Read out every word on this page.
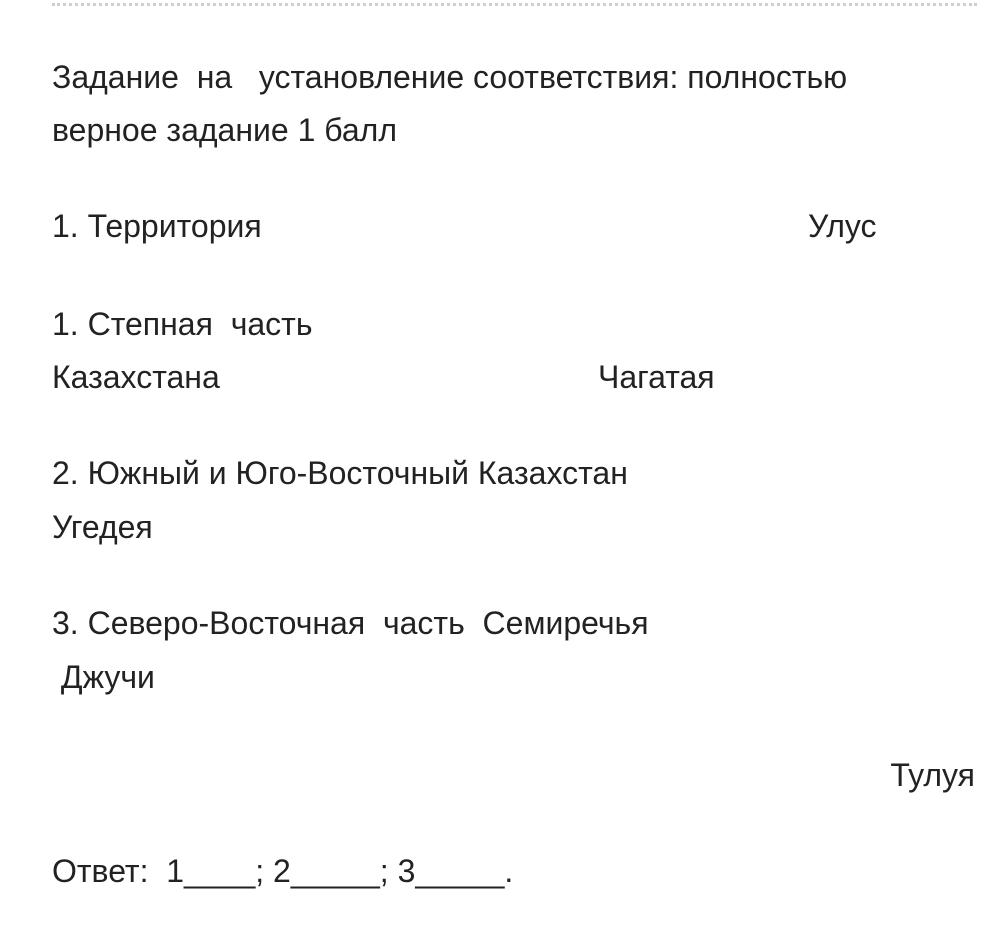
Задание  на   установление соответствия: полностью

верное задание 1 балл

1. Территория	Улус

1. Степная  часть

Казахстана	Чагатая

2. Южный и Юго-Восточный Казахстан

Угедея

3. Северо-Восточная  часть  Семиречья

Джучи

Тулуя

Ответ:  1____; 2_____; 3_____.
